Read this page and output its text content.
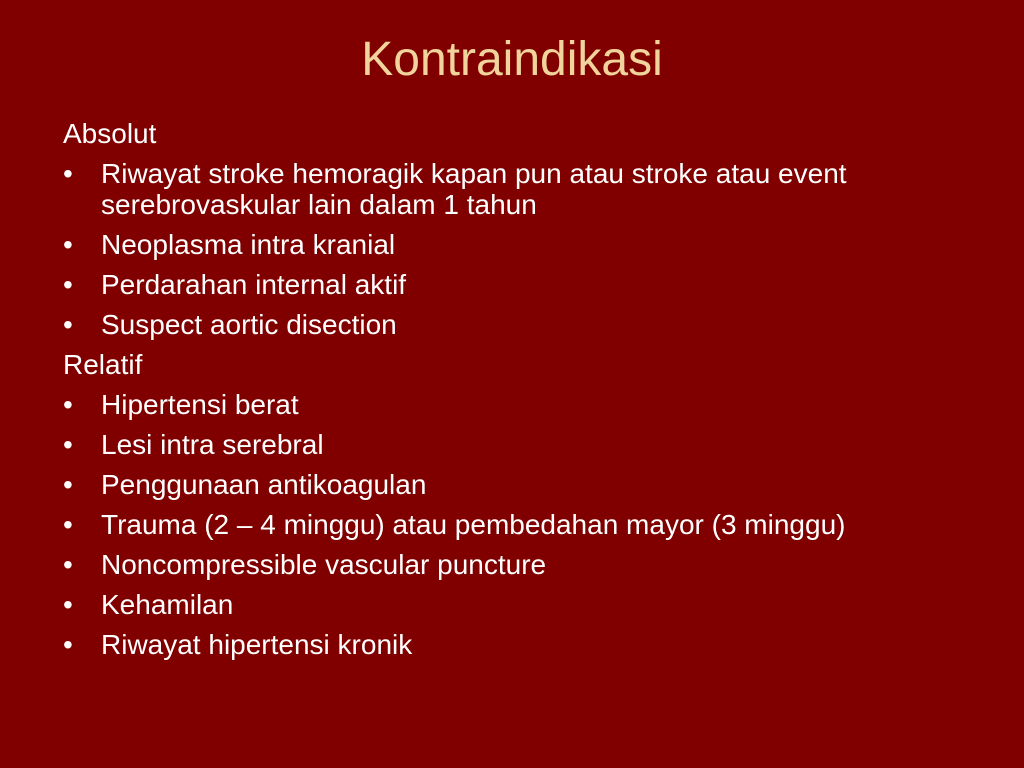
Kontraindikasi
Absolut
• Riwayat stroke hemoragik kapan pun atau stroke atau event serebrovaskular lain dalam 1 tahun
• Neoplasma intra kranial
• Perdarahan internal aktif
• Suspect aortic disection
Relatif
• Hipertensi berat
• Lesi intra serebral
• Penggunaan antikoagulan
• Trauma (2 – 4 minggu) atau pembedahan mayor (3 minggu)
• Noncompressible vascular puncture
• Kehamilan
• Riwayat hipertensi kronik
